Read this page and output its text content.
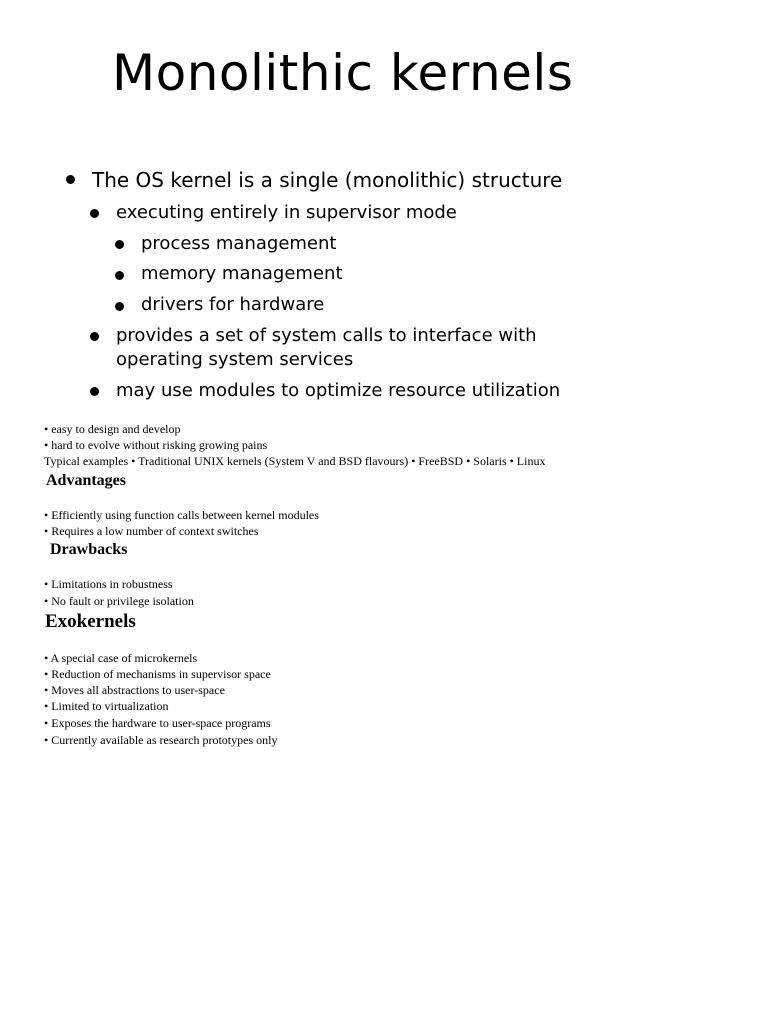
Monolithic kernels
The OS kernel is a single (monolithic) structure
executing entirely in supervisor mode
process management
memory management
drivers for hardware
provides a set of system calls to interface with
operating system services
may use modules to optimize resource utilization
• easy to design and develop
• hard to evolve without risking growing pains
Typical examples • Traditional UNIX kernels (System V and BSD flavours) • FreeBSD • Solaris • Linux
Advantages
• Efficiently using function calls between kernel modules
• Requires a low number of context switches
Drawbacks
• Limitations in robustness
• No fault or privilege isolation
Exokernels
• A special case of microkernels
• Reduction of mechanisms in supervisor space
• Moves all abstractions to user-space
• Limited to virtualization
• Exposes the hardware to user-space programs
• Currently available as research prototypes only
